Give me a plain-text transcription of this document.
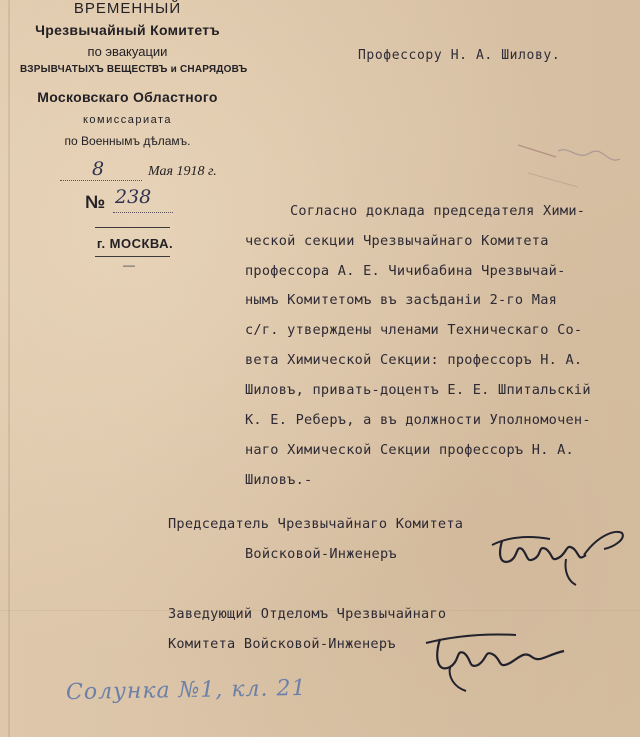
ВРЕМЕННЫЙ
Чрезвычайный Комитетъ
по эвакуации
ВЗРЫВЧАТЫХЪ ВЕЩЕСТВЪ и СНАРЯДОВЪ
Московскаго Областного
комиссариата
по Военнымъ дѣламъ.
8	Мая 1918 г.
№ 238
г. МОСКВА.
—
Профессору Н. А. Шилову.
Согласно доклада председателя Хими-
ческой секции Чрезвычайнаго Комитета
профессора А. Е. Чичибабина Чрезвычай-
нымъ Комитетомъ въ засѣданiи 2-го Мая
с/г. утверждены членами Техническаго Со-
вета Химической Секции: профессоръ Н. А.
Шиловъ, привать-доцентъ Е. Е. Шпитальскiй
К. Е. Реберъ, а въ должности Уполномочен-
наго Химической Секции профессоръ Н. А.
Шиловъ.-
Председатель Чрезвычайнаго Комитета
Войсковой-Инженеръ
Заведующий Отделомъ Чрезвычайнаго
Комитета Войсковой-Инженеръ
Солунка №1, кл. 21
